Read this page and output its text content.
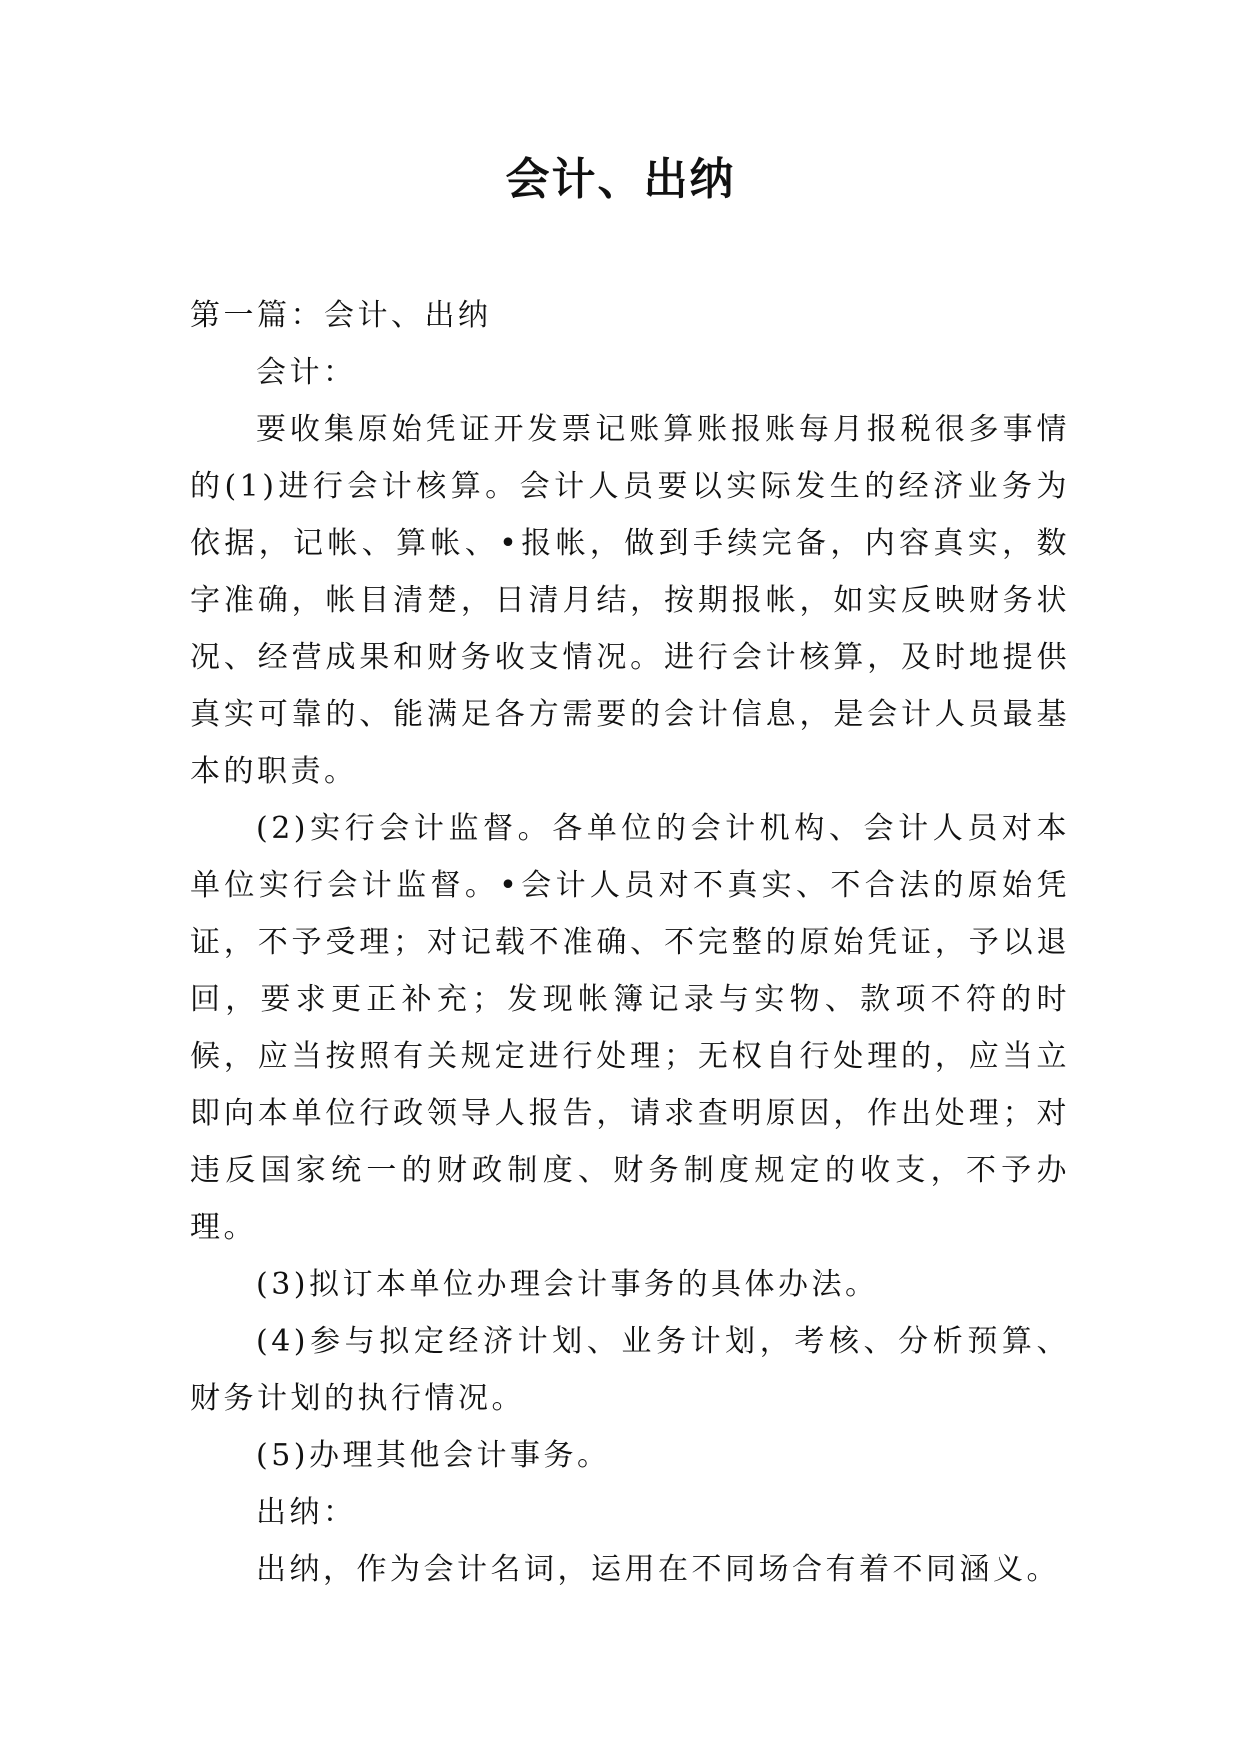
会计、出纳

第一篇：会计、出纳

会计：

要收集原始凭证开发票记账算账报账每月报税很多事情的(1)进行会计核算。会计人员要以实际发生的经济业务为依据，记帐、算帐、•报帐，做到手续完备，内容真实，数字准确，帐目清楚，日清月结，按期报帐，如实反映财务状况、经营成果和财务收支情况。进行会计核算，及时地提供真实可靠的、能满足各方需要的会计信息，是会计人员最基本的职责。

(2)实行会计监督。各单位的会计机构、会计人员对本单位实行会计监督。•会计人员对不真实、不合法的原始凭证，不予受理；对记载不准确、不完整的原始凭证，予以退回，要求更正补充；发现帐簿记录与实物、款项不符的时候，应当按照有关规定进行处理；无权自行处理的，应当立即向本单位行政领导人报告，请求查明原因，作出处理；对违反国家统一的财政制度、财务制度规定的收支，不予办理。

(3)拟订本单位办理会计事务的具体办法。

(4)参与拟定经济计划、业务计划，考核、分析预算、财务计划的执行情况。

(5)办理其他会计事务。

出纳：

出纳，作为会计名词，运用在不同场合有着不同涵义。
